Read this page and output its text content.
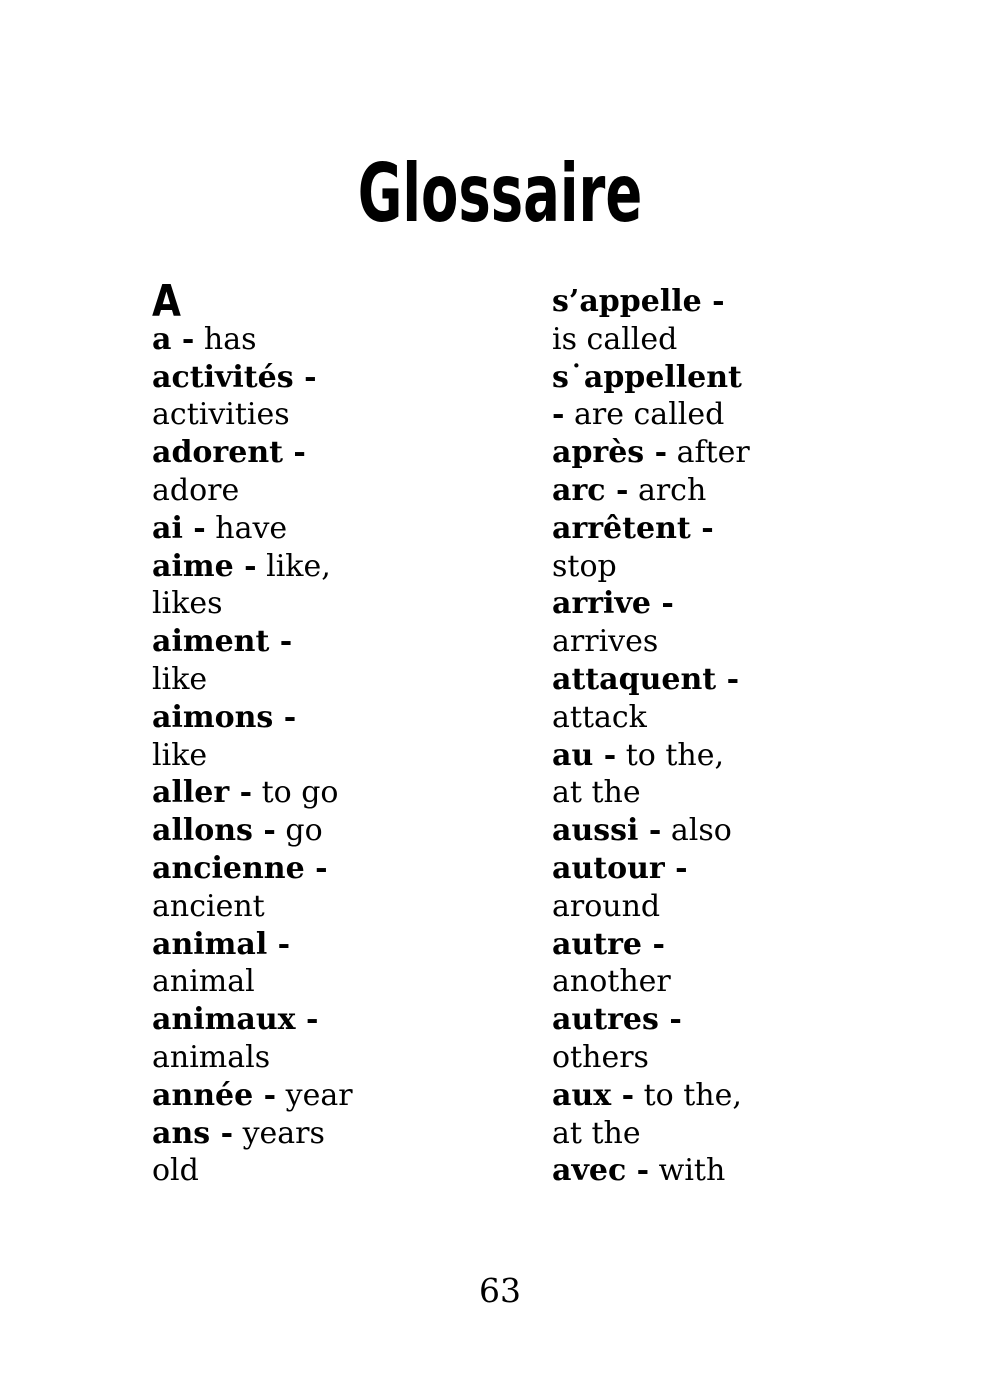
Glossaire
A
a - has
activités -
activities
adorent -
adore
ai - have
aime - like,
likes
aiment -
like
aimons -
like
aller - to go
allons - go
ancienne -
ancient
animal -
animal
animaux -
animals
année - year
ans - years
old
s’appelle -
is called
s˙appellent
- are called
après - after
arc - arch
arrêtent -
stop
arrive -
arrives
attaquent -
attack
au - to the,
at the
aussi - also
autour -
around
autre -
another
autres -
others
aux - to the,
at the
avec - with
63
